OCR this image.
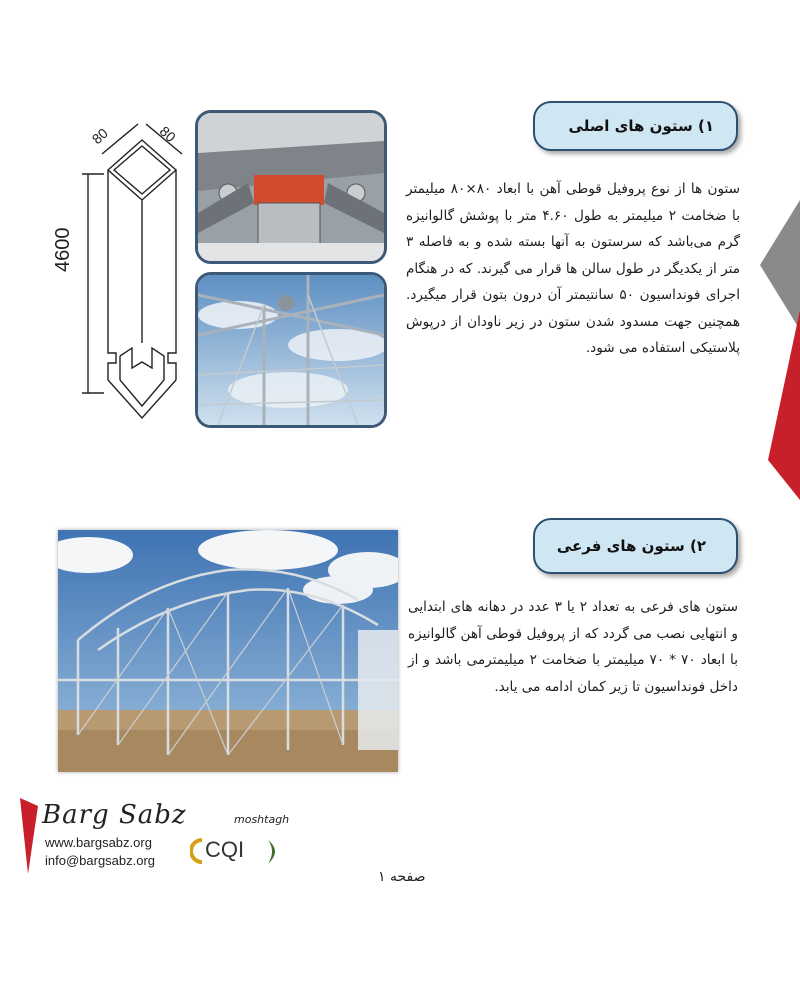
۱) ستون های اصلی
80	80
4600

ستون ها از نوع پروفیل قوطی آهن با ابعاد ۸۰×۸۰ میلیمتر با ضخامت ۲ میلیمتر به طول ۴.۶۰ متر با پوشش گالوانیزه گرم می‌باشد که سرستون به آنها بسته شده و به فاصله ۳ متر از یکدیگر در طول سالن ها قرار می گیرند. که در هنگام اجرای فونداسیون ۵۰ سانتیمتر آن درون بتون قرار میگیرد. همچنین جهت مسدود شدن ستون در زیر ناودان از درپوش پلاستیکی استفاده می شود.

۲) ستون های فرعی

ستون های فرعی به تعداد ۲ یا ۳ عدد در دهانه های ابتدایی و انتهایی نصب می گردد که از پروفیل قوطی آهن گالوانیزه با ابعاد ۷۰ * ۷۰ میلیمتر با ضخامت ۲ میلیمترمی باشد و از داخل فونداسیون تا زیر کمان ادامه می یابد.

Barg Sabz	moshtagh
www.bargsabz.org
info@bargsabz.org CQI
صفحه ۱
